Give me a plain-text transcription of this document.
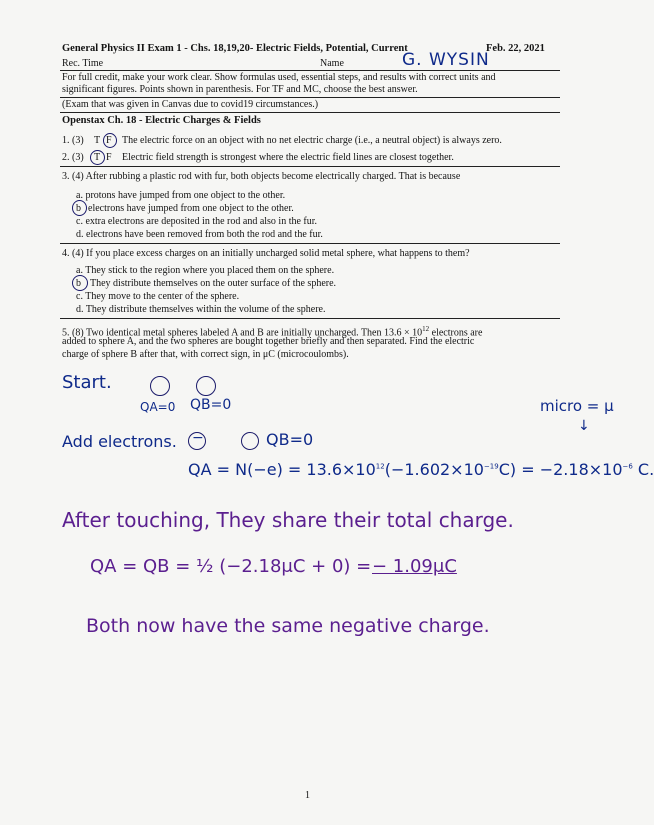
General Physics II Exam 1 - Chs. 18,19,20- Electric Fields, Potential, Current	Feb. 22, 2021
Rec. Time	Name	G. WYSIN
For full credit, make your work clear. Show formulas used, essential steps, and results with correct units and
significant figures. Points shown in parenthesis. For TF and MC, choose the best answer.
(Exam that was given in Canvas due to covid19 circumstances.)
Openstax Ch. 18 - Electric Charges & Fields
1. (3) T F The electric force on an object with no net electric charge (i.e., a neutral object) is always zero.
2. (3) T F Electric field strength is strongest where the electric field lines are closest together.
3. (4) After rubbing a plastic rod with fur, both objects become electrically charged. That is because
a. protons have jumped from one object to the other.
b electrons have jumped from one object to the other.
c. extra electrons are deposited in the rod and also in the fur.
d. electrons have been removed from both the rod and the fur.
4. (4) If you place excess charges on an initially uncharged solid metal sphere, what happens to them?
a. They stick to the region where you placed them on the sphere.
b They distribute themselves on the outer surface of the sphere.
c. They move to the center of the sphere.
d. They distribute themselves within the volume of the sphere.
5. (8) Two identical metal spheres labeled A and B are initially uncharged. Then $13.6 \times 10^{12}$ electrons are
added to sphere A, and the two spheres are bought together briefly and then separated. Find the electric
charge of sphere B after that, with correct sign, in μC (microcoulombs).
Start.
QA=0 QB=0	micro = μ
↓
Add electrons. −	QB=0
QA = $N(-e) = 13.6\times 10^{12}(-1.602\times 10^{-19}C) = -2.18\times 10^{-6}$ C.
After touching, They share their total charge.
QA = QB = ½ (−2.18μC + 0) = − 1.09μC
Both now have the same negative charge.
1
